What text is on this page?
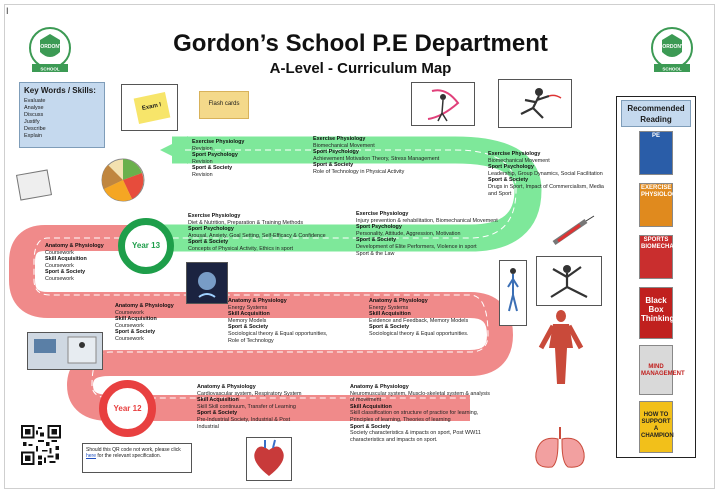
I
GORDON'S
SCHOOL
GORDON'S
SCHOOL
Gordon’s School P.E Department
A-Level - Curriculum Map
Key Words / Skills:
Evaluate
Analyse
Discuss
Justify
Describe
Explain
Recommended Reading
PE
EXERCISE PHYSIOLOGY
SPORTS BIOMECHANICS
Black Box Thinking
MIND MANAGEMENT
HOW TO SUPPORT A CHAMPION
Exam !	Flash cards
Year 13
Year 12
Exercise Physiology
Revision
Sport Psychology
Revision
Sport & Society
Revision
Exercise Physiology
Biomechanical Movement
Sport Psychology
Achievement Motivation Theory, Stress Management
Sport & Society
Role of Technology in Physical Activity
Exercise Physiology
Biomechanical Movement
Sport Psychology
Leadership, Group Dynamics, Social Facilitation
Sport & Society
Drugs in Sport, Impact of Commercialism, Media and Sport
Exercise Physiology
Diet & Nutrition, Preparation & Training Methods
Sport Psychology
Arousal, Anxiety, Goal Setting, Self-Efficacy & Confidence
Sport & Society
Concepts of Physical Activity, Ethics in sport
Exercise Physiology
Injury prevention & rehabilitation, Biomechanical Movement
Sport Psychology
Personality, Attitude, Aggression, Motivation
Sport & Society
Development of Elite Performers, Violence in sport
Sport & the Law
Anatomy & Physiology
Coursework
Skill Acquisition
Coursework
Sport & Society
Coursework
Anatomy & Physiology
Coursework
Skill Acquisition
Coursework
Sport & Society
Coursework
Anatomy & Physiology
Energy Systems
Skill Acquisition
Memory Models
Sport & Society
Sociological theory & Equal opportunities,
Role of Technology
Anatomy & Physiology
Energy Systems
Skill Acquisition
Evidence and Feedback, Memory Models
Sport & Society
Sociological theory & Equal opportunities.
Anatomy & Physiology
Cardiovascular system, Respiratory System
Skill Acquisition
Skill Skill continuum, Transfer of Learning
Sport & Society
Pre-Industrial Society, Industrial & Post
Industrial
Anatomy & Physiology
Neuromuscular system, Musclo-skeletal system & analysis
of movement
Skill Acquisition
Skill classification on structure of practice for learning,
Principles of learning, Theories of learning
Sport & Society
Society characteristics & impacts on sport, Post WW11
characteristics and impacts on sport.
Should this QR code not work, please click here for the relevant specification.
